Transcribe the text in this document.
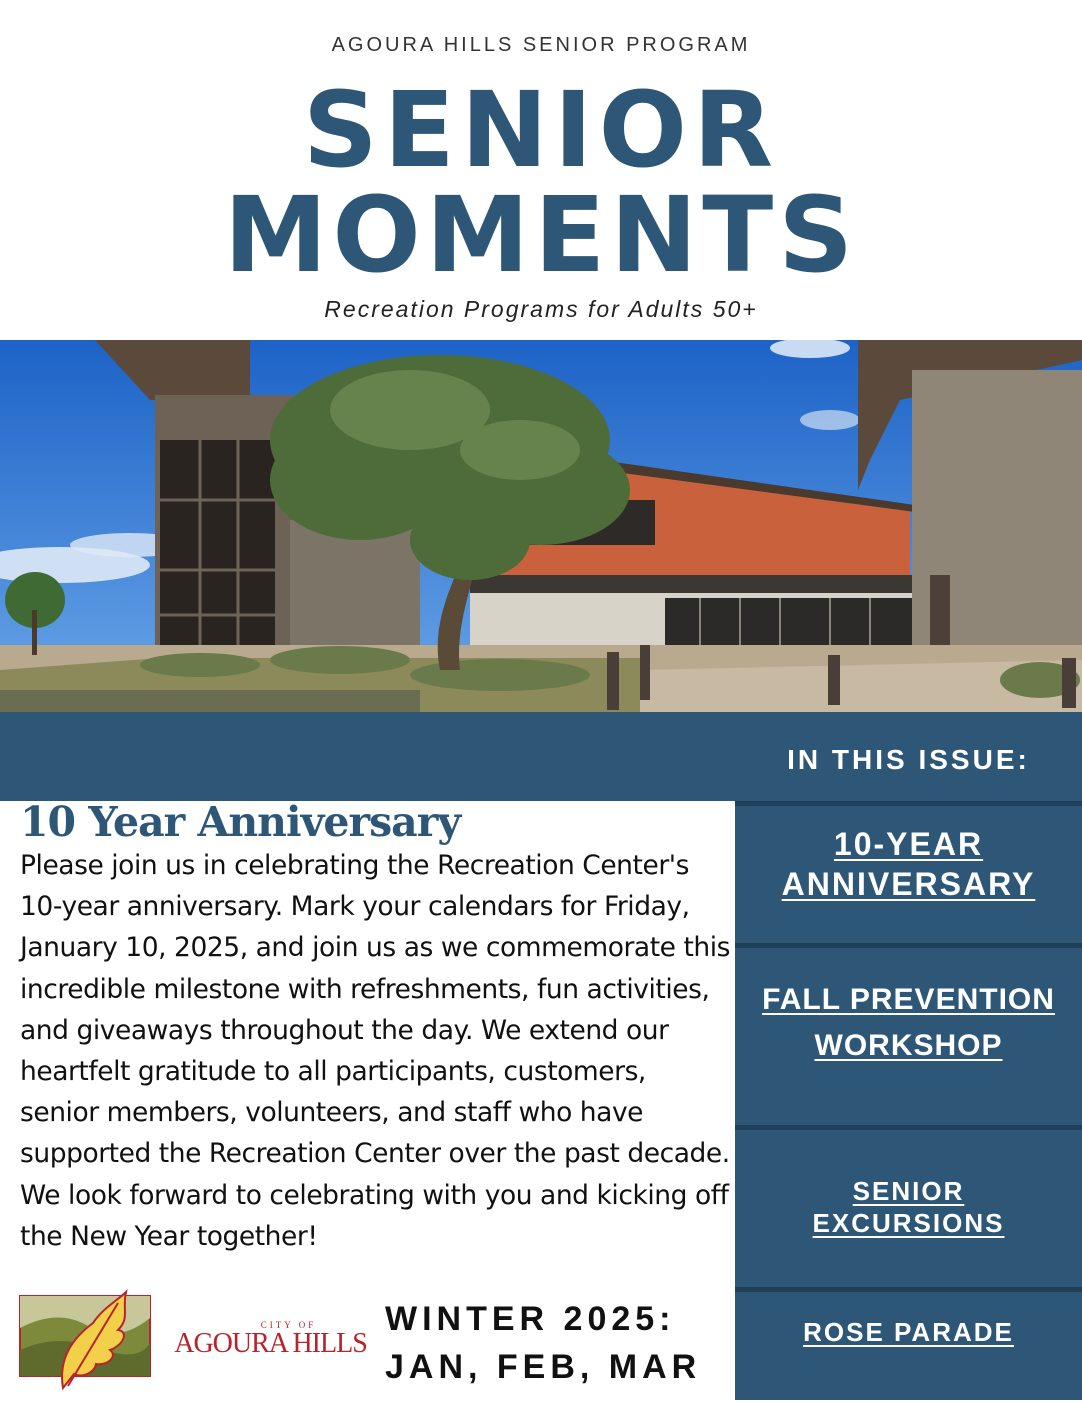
AGOURA HILLS SENIOR PROGRAM
SENIOR
MOMENTS
Recreation Programs for Adults 50+
IN THIS ISSUE:
10-YEAR
ANNIVERSARY
FALL PREVENTION
WORKSHOP
SENIOR
EXCURSIONS
ROSE PARADE
10 Year Anniversary
Please join us in celebrating the Recreation Center's 10-year anniversary. Mark your calendars for Friday, January 10, 2025, and join us as we commemorate this incredible milestone with refreshments, fun activities, and giveaways throughout the day. We extend our heartfelt gratitude to all participants, customers, senior members, volunteers, and staff who have supported the Recreation Center over the past decade. We look forward to celebrating with you and kicking off the New Year together!
CITY OF
AGOURA HILLS
WINTER 2025:
JAN, FEB, MAR
